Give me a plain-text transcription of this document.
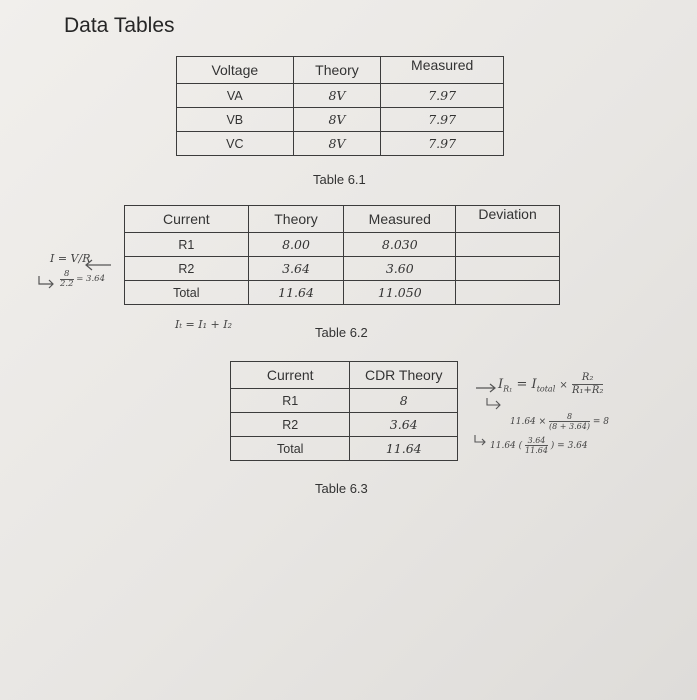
Data Tables
Voltage	Theory	Measured
VA	8V	7.97
VB	8V	7.97
VC	8V	7.97
Table 6.1
Current	Theory	Measured	Deviation
R1	8.00	8.030	
R2	3.64	3.60	
Total	11.64	11.050	
Table 6.2
Current	CDR Theory
R1	8
R2	3.64
Total	11.64
Table 6.3
I = V/R
$\frac{8}{2.2} = 3.64$
Iₜ = I₁ + I₂
$I_{R_1} = I_{total} \times \frac{\text{R₂}}{\text{R₁+R₂}}$
$11.64 \times \frac{8}{(8 + 3.64)} = 8$
11.64 ( $\frac{3.64}{11.64}$ ) = 3.64
